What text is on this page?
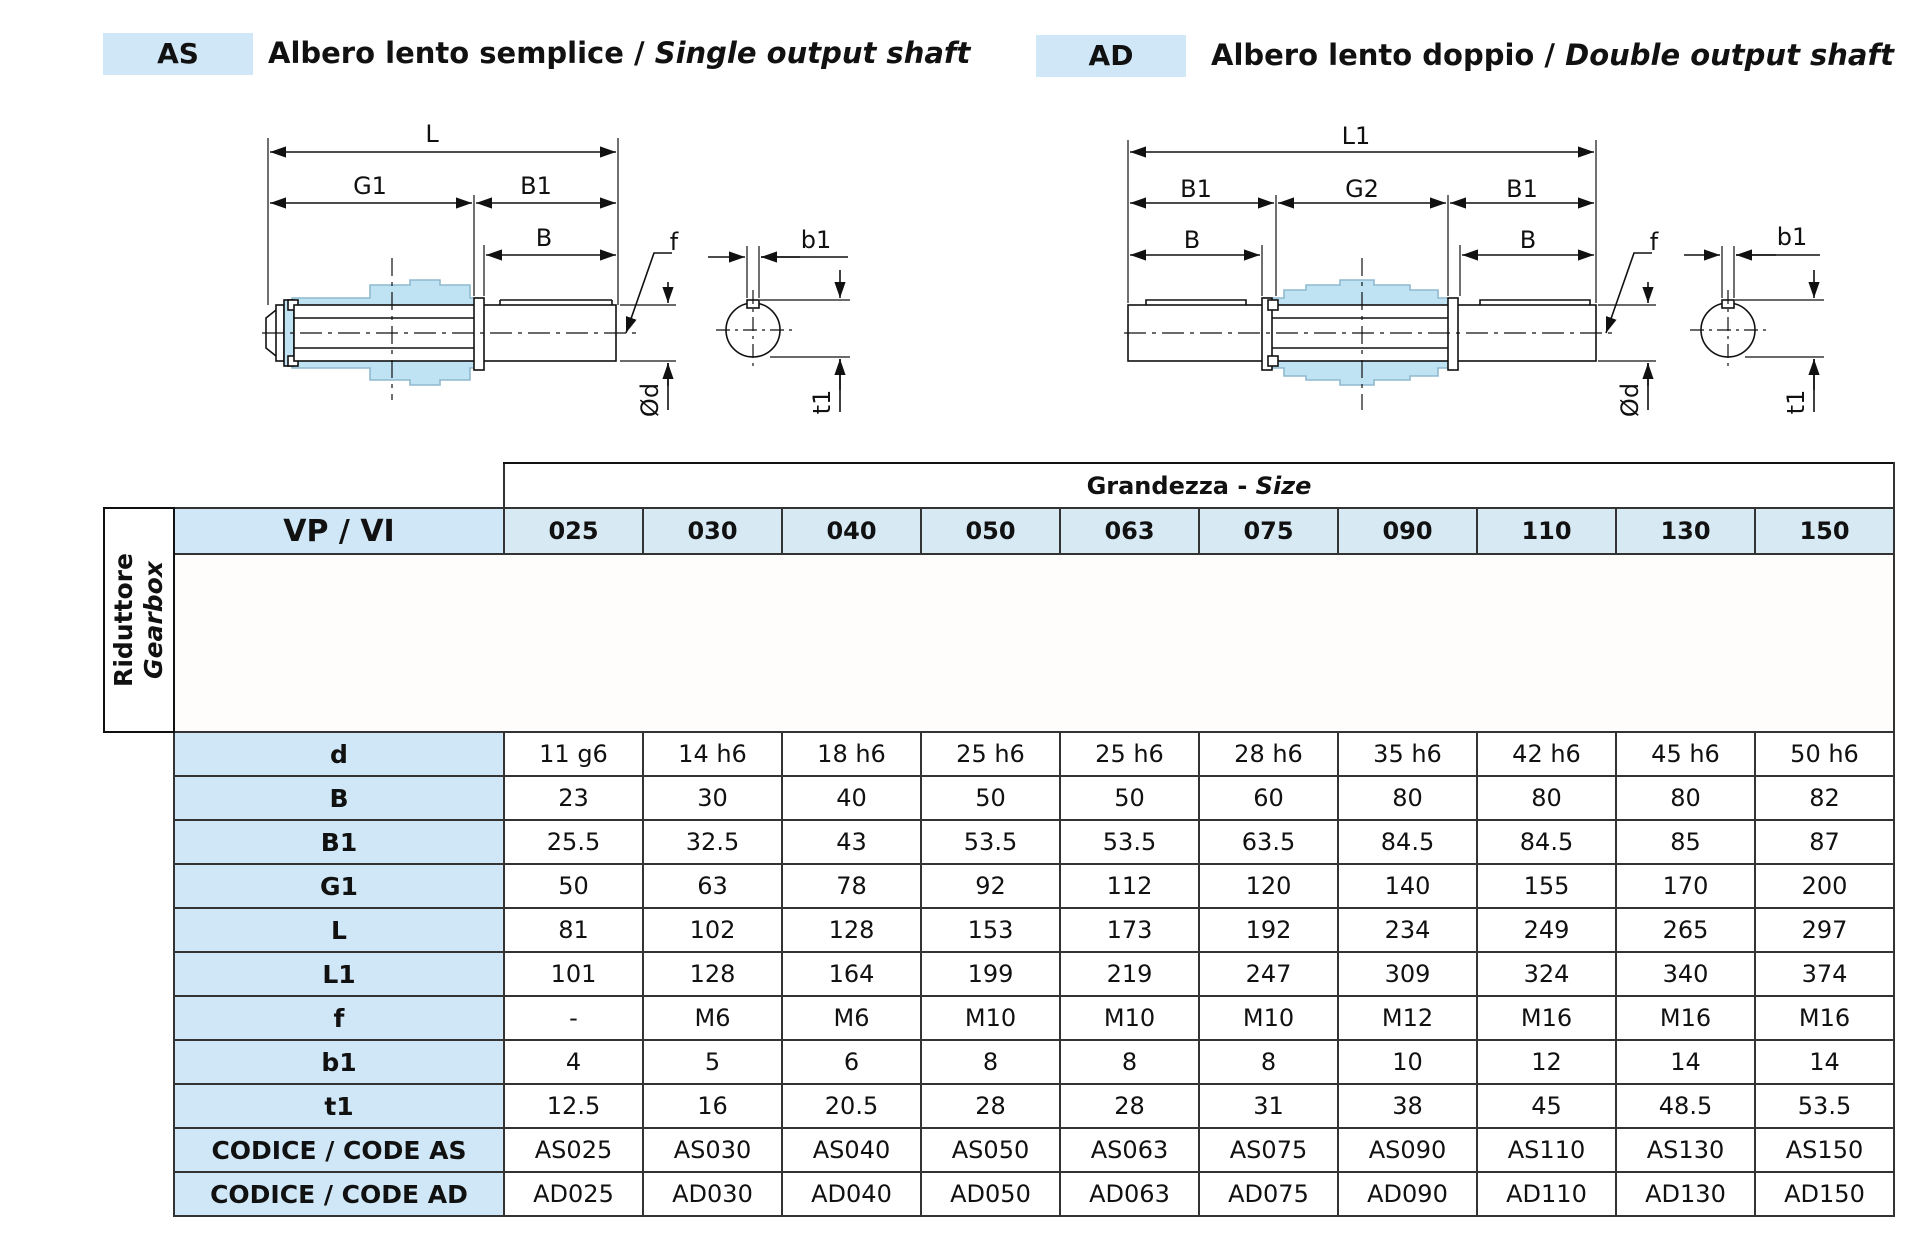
AS	Albero lento semplice / Single output shaft	AD	Albero lento doppio / Double output shaft
L
G1	B1
B	f	b1
Ød	t1
L1
B1	G2	B1
B	B	f	b1
Ød	t1
		Grandezza - Size									

Riduttore Gearbox	VP / VI	025	030	040	050	063	075	090	110	130	150

	d	11 g6	14 h6	18 h6	25 h6	25 h6	28 h6	35 h6	42 h6	45 h6	50 h6
	B	23	30	40	50	50	60	80	80	80	82
	B1	25.5	32.5	43	53.5	53.5	63.5	84.5	84.5	85	87
	G1	50	63	78	92	112	120	140	155	170	200
	L	81	102	128	153	173	192	234	249	265	297
	L1	101	128	164	199	219	247	309	324	340	374
	f	-	M6	M6	M10	M10	M10	M12	M16	M16	M16
	b1	4	5	6	8	8	8	10	12	14	14
	t1	12.5	16	20.5	28	28	31	38	45	48.5	53.5
	CODICE / CODE AS	AS025	AS030	AS040	AS050	AS063	AS075	AS090	AS110	AS130	AS150
	CODICE / CODE AD	AD025	AD030	AD040	AD050	AD063	AD075	AD090	AD110	AD130	AD150
